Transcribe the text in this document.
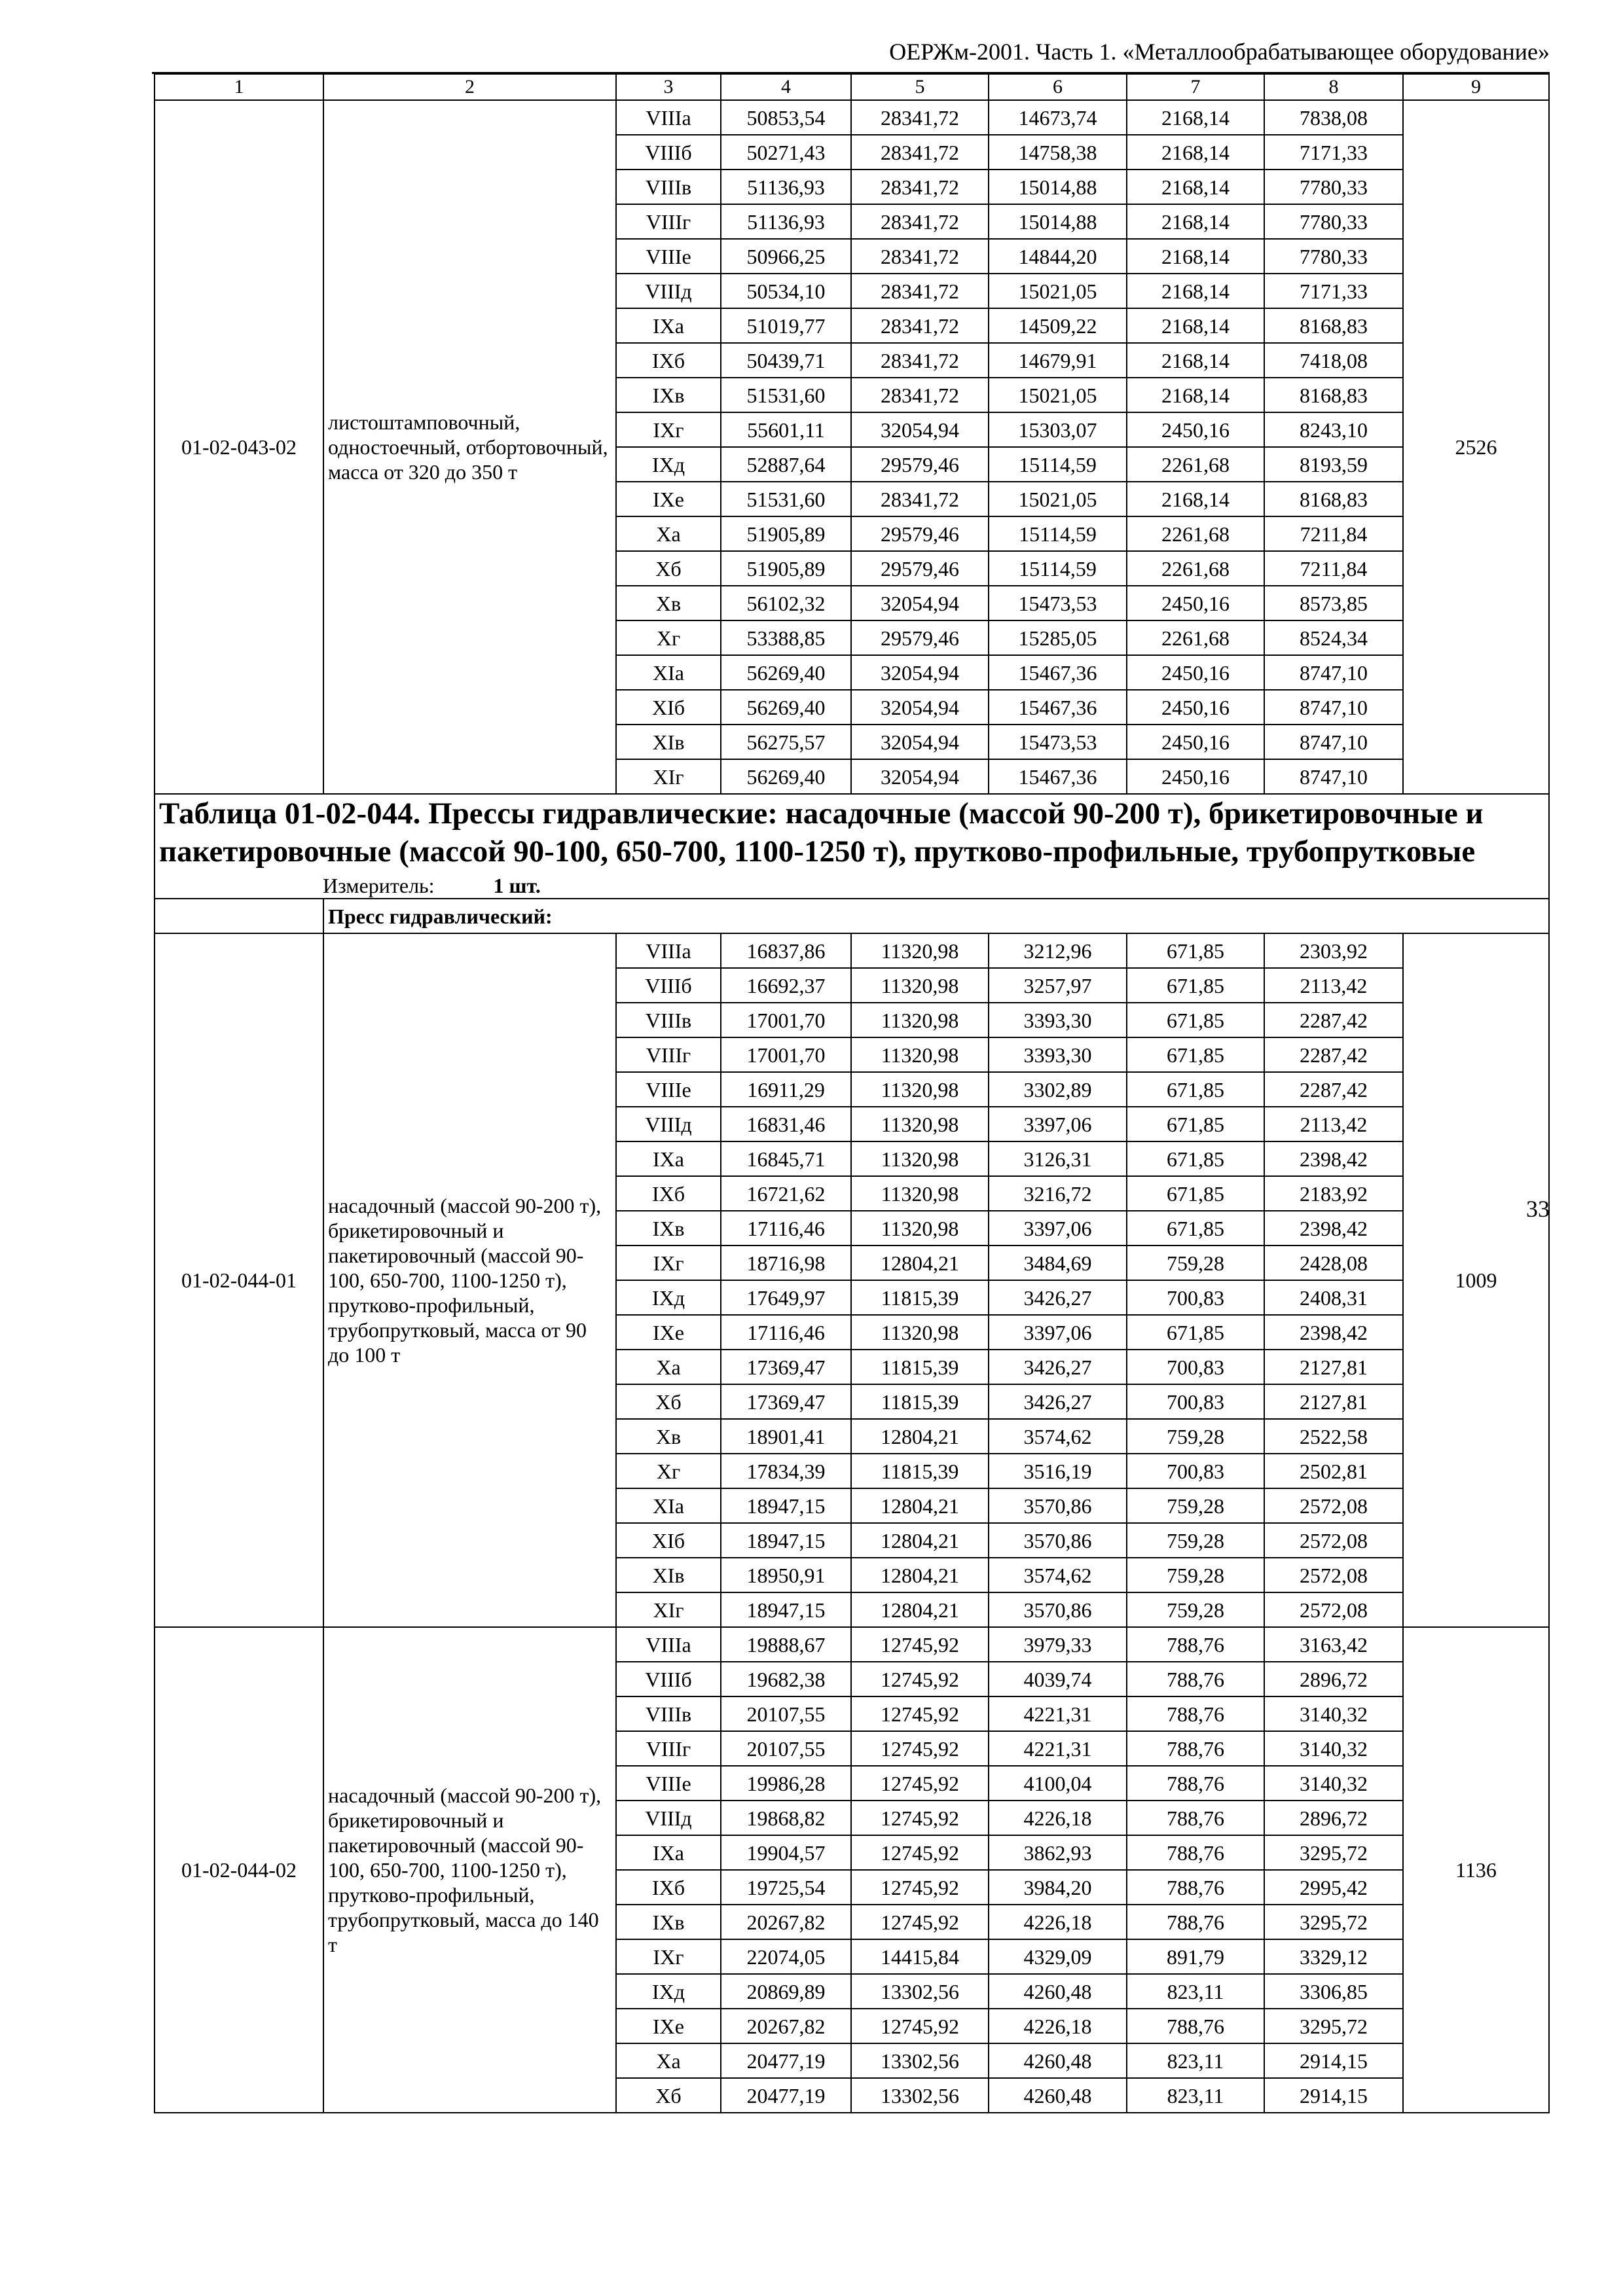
ОЕРЖм-2001. Часть 1. «Металлообрабатывающее оборудование»
1	2	3	4	5	6	7	8	9
01-02-043-02	листоштамповочный, одностоечный, отбортовочный, масса от 320 до 350 т	VIIIа	50853,54	28341,72	14673,74	2168,14	7838,08	2526
		VIIIб	50271,43	28341,72	14758,38	2168,14	7171,33	
		VIIIв	51136,93	28341,72	15014,88	2168,14	7780,33	
		VIIIг	51136,93	28341,72	15014,88	2168,14	7780,33	
		VIIIе	50966,25	28341,72	14844,20	2168,14	7780,33	
		VIIIд	50534,10	28341,72	15021,05	2168,14	7171,33	
		IXа	51019,77	28341,72	14509,22	2168,14	8168,83	
		IXб	50439,71	28341,72	14679,91	2168,14	7418,08	
		IXв	51531,60	28341,72	15021,05	2168,14	8168,83	
		IXг	55601,11	32054,94	15303,07	2450,16	8243,10	
		IXд	52887,64	29579,46	15114,59	2261,68	8193,59	
		IXе	51531,60	28341,72	15021,05	2168,14	8168,83	
		Xа	51905,89	29579,46	15114,59	2261,68	7211,84	
		Xб	51905,89	29579,46	15114,59	2261,68	7211,84	
		Xв	56102,32	32054,94	15473,53	2450,16	8573,85	
		Xг	53388,85	29579,46	15285,05	2261,68	8524,34	
		XIа	56269,40	32054,94	15467,36	2450,16	8747,10	
		XIб	56269,40	32054,94	15467,36	2450,16	8747,10	
		XIв	56275,57	32054,94	15473,53	2450,16	8747,10	
		XIг	56269,40	32054,94	15467,36	2450,16	8747,10	

Таблица 01-02-044. Прессы гидравлические: насадочные (массой 90-200 т), брикетировочные и пакетировочные (массой 90-100, 650-700, 1100-1250 т), прутково-профильные, трубопрутковые
Измеритель: 1 шт.								

	Пресс гидравлический:							
01-02-044-01	насадочный (массой 90-200 т), брикетировочный и пакетировочный (массой 90-100, 650-700, 1100-1250 т), прутково-профильный, трубопрутковый, масса от 90 до 100 т	VIIIа	16837,86	11320,98	3212,96	671,85	2303,92	1009
		VIIIб	16692,37	11320,98	3257,97	671,85	2113,42	
		VIIIв	17001,70	11320,98	3393,30	671,85	2287,42	
		VIIIг	17001,70	11320,98	3393,30	671,85	2287,42	
		VIIIе	16911,29	11320,98	3302,89	671,85	2287,42	
		VIIIд	16831,46	11320,98	3397,06	671,85	2113,42	
		IXа	16845,71	11320,98	3126,31	671,85	2398,42	
		IXб	16721,62	11320,98	3216,72	671,85	2183,92	
		IXв	17116,46	11320,98	3397,06	671,85	2398,42	
		IXг	18716,98	12804,21	3484,69	759,28	2428,08	
		IXд	17649,97	11815,39	3426,27	700,83	2408,31	
		IXе	17116,46	11320,98	3397,06	671,85	2398,42	
		Xа	17369,47	11815,39	3426,27	700,83	2127,81	
		Xб	17369,47	11815,39	3426,27	700,83	2127,81	
		Xв	18901,41	12804,21	3574,62	759,28	2522,58	
		Xг	17834,39	11815,39	3516,19	700,83	2502,81	
		XIа	18947,15	12804,21	3570,86	759,28	2572,08	
		XIб	18947,15	12804,21	3570,86	759,28	2572,08	
		XIв	18950,91	12804,21	3574,62	759,28	2572,08	
		XIг	18947,15	12804,21	3570,86	759,28	2572,08	
01-02-044-02	насадочный (массой 90-200 т), брикетировочный и пакетировочный (массой 90-100, 650-700, 1100-1250 т), прутково-профильный, трубопрутковый, масса до 140 т	VIIIа	19888,67	12745,92	3979,33	788,76	3163,42	1136
		VIIIб	19682,38	12745,92	4039,74	788,76	2896,72	
		VIIIв	20107,55	12745,92	4221,31	788,76	3140,32	
		VIIIг	20107,55	12745,92	4221,31	788,76	3140,32	
		VIIIе	19986,28	12745,92	4100,04	788,76	3140,32	
		VIIIд	19868,82	12745,92	4226,18	788,76	2896,72	
		IXа	19904,57	12745,92	3862,93	788,76	3295,72	
		IXб	19725,54	12745,92	3984,20	788,76	2995,42	
		IXв	20267,82	12745,92	4226,18	788,76	3295,72	
		IXг	22074,05	14415,84	4329,09	891,79	3329,12	
		IXд	20869,89	13302,56	4260,48	823,11	3306,85	
		IXе	20267,82	12745,92	4226,18	788,76	3295,72	
		Xа	20477,19	13302,56	4260,48	823,11	2914,15	
		Xб	20477,19	13302,56	4260,48	823,11	2914,15	
33
